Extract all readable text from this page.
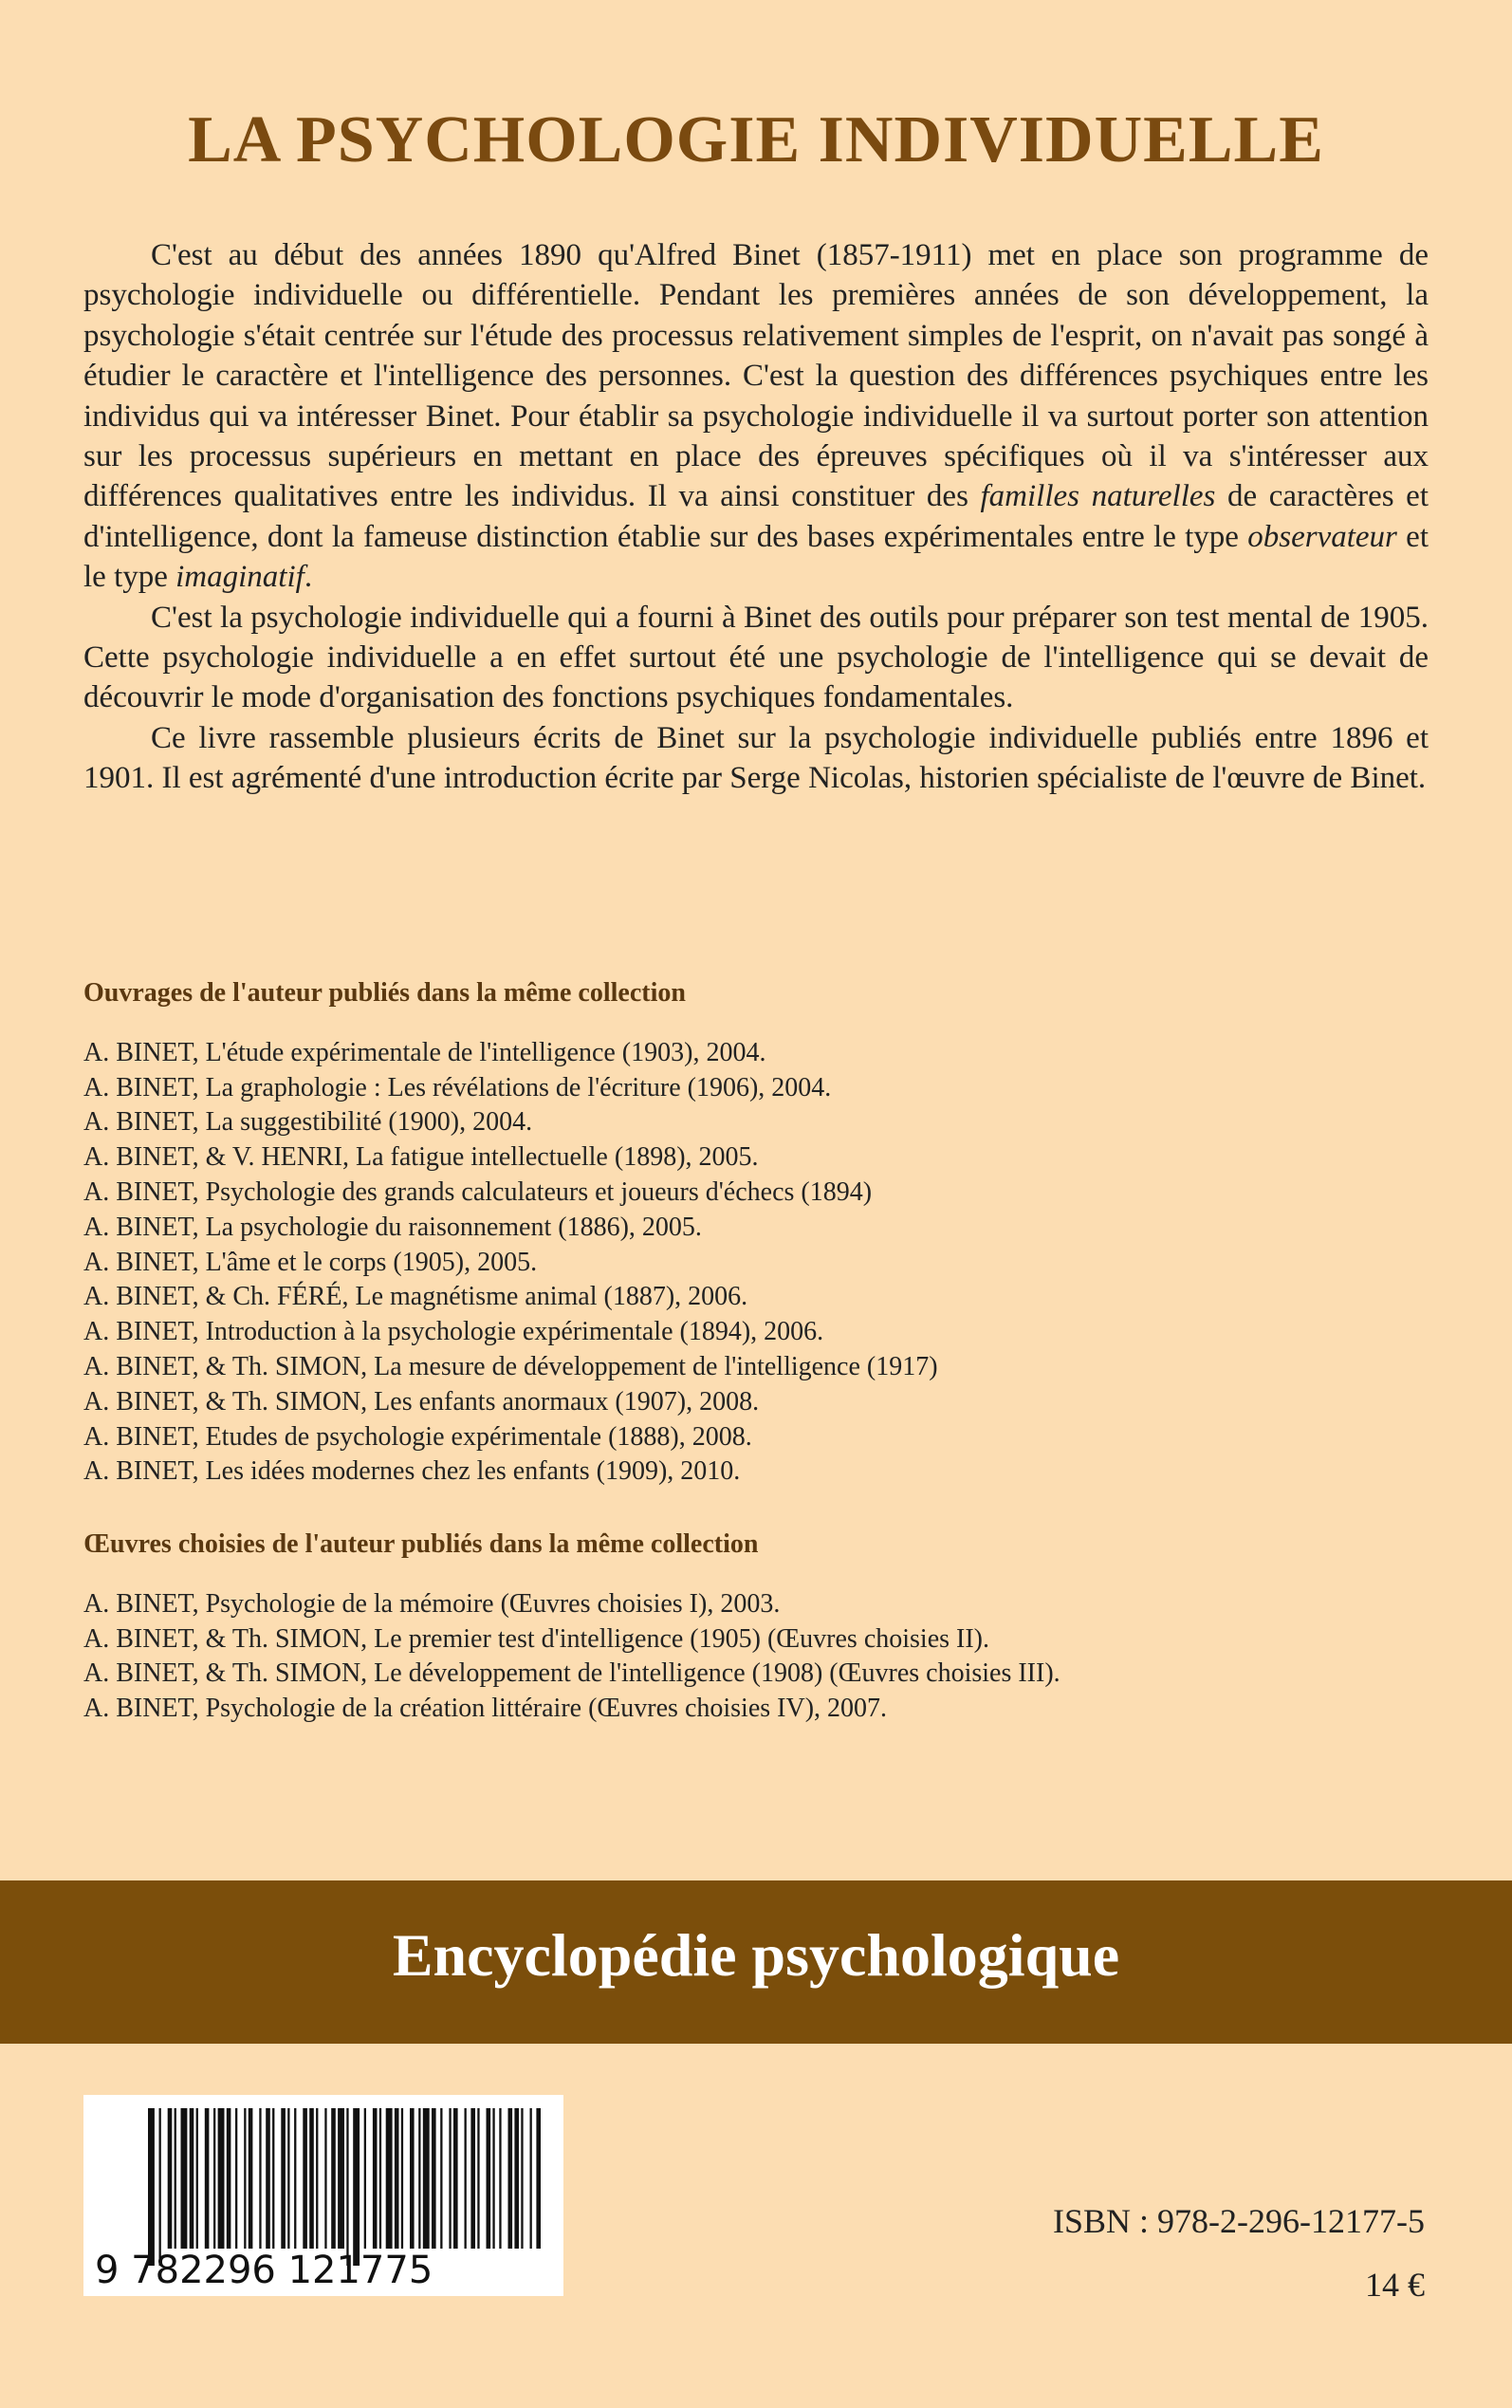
LA PSYCHOLOGIE INDIVIDUELLE

C'est au début des années 1890 qu'Alfred Binet (1857-1911) met en place son programme de psychologie individuelle ou différentielle. Pendant les premières années de son développement, la psychologie s'était centrée sur l'étude des processus relativement simples de l'esprit, on n'avait pas songé à étudier le caractère et l'intelligence des personnes. C'est la question des différences psychiques entre les individus qui va intéresser Binet. Pour établir sa psychologie individuelle il va surtout porter son attention sur les processus supérieurs en mettant en place des épreuves spécifiques où il va s'intéresser aux différences qualitatives entre les individus. Il va ainsi constituer des familles naturelles de caractères et d'intelligence, dont la fameuse distinction établie sur des bases expérimentales entre le type observateur et le type imaginatif.

C'est la psychologie individuelle qui a fourni à Binet des outils pour préparer son test mental de 1905. Cette psychologie individuelle a en effet surtout été une psychologie de l'intelligence qui se devait de découvrir le mode d'organisation des fonctions psychiques fondamentales.

Ce livre rassemble plusieurs écrits de Binet sur la psychologie individuelle publiés entre 1896 et 1901. Il est agrémenté d'une introduction écrite par Serge Nicolas, historien spécialiste de l'œuvre de Binet.

Ouvrages de l'auteur publiés dans la même collection
A. BINET, L'étude expérimentale de l'intelligence (1903), 2004.
A. BINET, La graphologie : Les révélations de l'écriture (1906), 2004.
A. BINET, La suggestibilité (1900), 2004.
A. BINET, & V. HENRI, La fatigue intellectuelle (1898), 2005.
A. BINET, Psychologie des grands calculateurs et joueurs d'échecs (1894)
A. BINET, La psychologie du raisonnement (1886), 2005.
A. BINET, L'âme et le corps (1905), 2005.
A. BINET, & Ch. FÉRÉ, Le magnétisme animal (1887), 2006.
A. BINET, Introduction à la psychologie expérimentale (1894), 2006.
A. BINET, & Th. SIMON, La mesure de développement de l'intelligence (1917)
A. BINET, & Th. SIMON, Les enfants anormaux (1907), 2008.
A. BINET, Etudes de psychologie expérimentale (1888), 2008.
A. BINET, Les idées modernes chez les enfants (1909), 2010.
Œuvres choisies de l'auteur publiés dans la même collection
A. BINET, Psychologie de la mémoire (Œuvres choisies I), 2003.
A. BINET, & Th. SIMON, Le premier test d'intelligence (1905) (Œuvres choisies II).
A. BINET, & Th. SIMON, Le développement de l'intelligence (1908) (Œuvres choisies III).
A. BINET, Psychologie de la création littéraire (Œuvres choisies IV), 2007.
Encyclopédie psychologique
9 782296 121775
ISBN : 978-2-296-12177-5
14 €
